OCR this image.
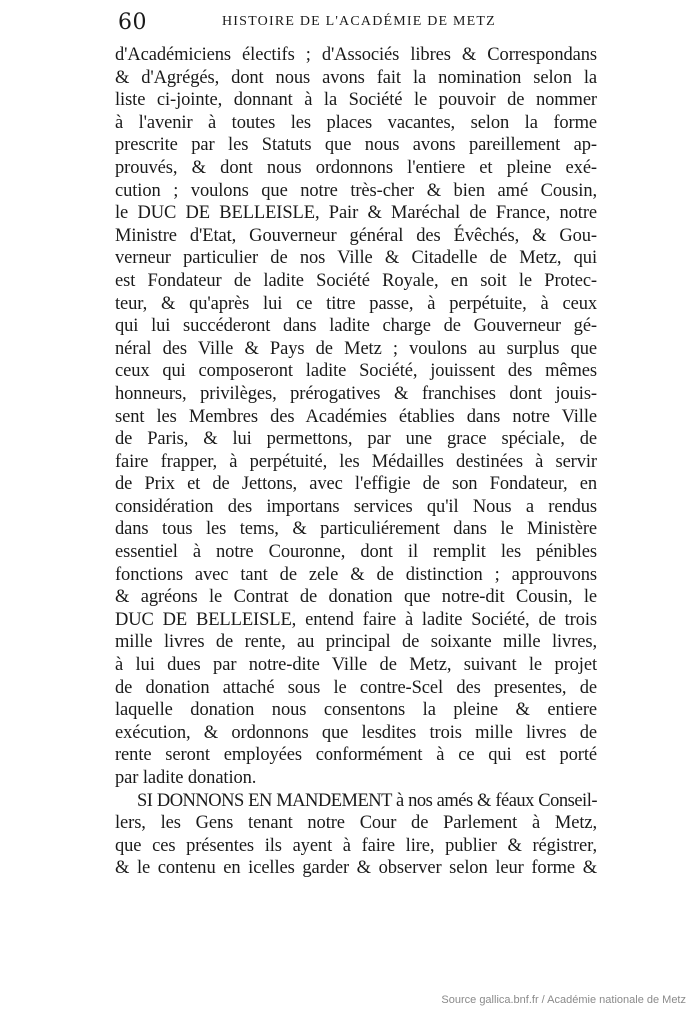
60	HISTOIRE DE L'ACADÉMIE DE METZ
d'Académiciens électifs ; d'Associés libres & Correspondans
& d'Agrégés, dont nous avons fait la nomination selon la
liste ci-jointe, donnant à la Société le pouvoir de nommer
à l'avenir à toutes les places vacantes, selon la forme
prescrite par les Statuts que nous avons pareillement ap-
prouvés, & dont nous ordonnons l'entiere et pleine exé-
cution ; voulons que notre très-cher & bien amé Cousin,
le DUC DE BELLEISLE, Pair & Maréchal de France, notre
Ministre d'Etat, Gouverneur général des Évêchés, & Gou-
verneur particulier de nos Ville & Citadelle de Metz, qui
est Fondateur de ladite Société Royale, en soit le Protec-
teur, & qu'après lui ce titre passe, à perpétuite, à ceux
qui lui succéderont dans ladite charge de Gouverneur gé-
néral des Ville & Pays de Metz ; voulons au surplus que
ceux qui composeront ladite Société, jouissent des mêmes
honneurs, privilèges, prérogatives & franchises dont jouis-
sent les Membres des Académies établies dans notre Ville
de Paris, & lui permettons, par une grace spéciale, de
faire frapper, à perpétuité, les Médailles destinées à servir
de Prix et de Jettons, avec l'effigie de son Fondateur, en
considération des importans services qu'il Nous a rendus
dans tous les tems, & particuliérement dans le Ministère
essentiel à notre Couronne, dont il remplit les pénibles
fonctions avec tant de zele & de distinction ; approuvons
& agréons le Contrat de donation que notre-dit Cousin, le
DUC DE BELLEISLE, entend faire à ladite Société, de trois
mille livres de rente, au principal de soixante mille livres,
à lui dues par notre-dite Ville de Metz, suivant le projet
de donation attaché sous le contre-Scel des presentes, de
laquelle donation nous consentons la pleine & entiere
exécution, & ordonnons que lesdites trois mille livres de
rente seront employées conformément à ce qui est porté
par ladite donation.
SI DONNONS EN MANDEMENT à nos amés & féaux Conseil-
lers, les Gens tenant notre Cour de Parlement à Metz,
que ces présentes ils ayent à faire lire, publier & régistrer,
& le contenu en icelles garder & observer selon leur forme &
Source gallica.bnf.fr / Académie nationale de Metz
